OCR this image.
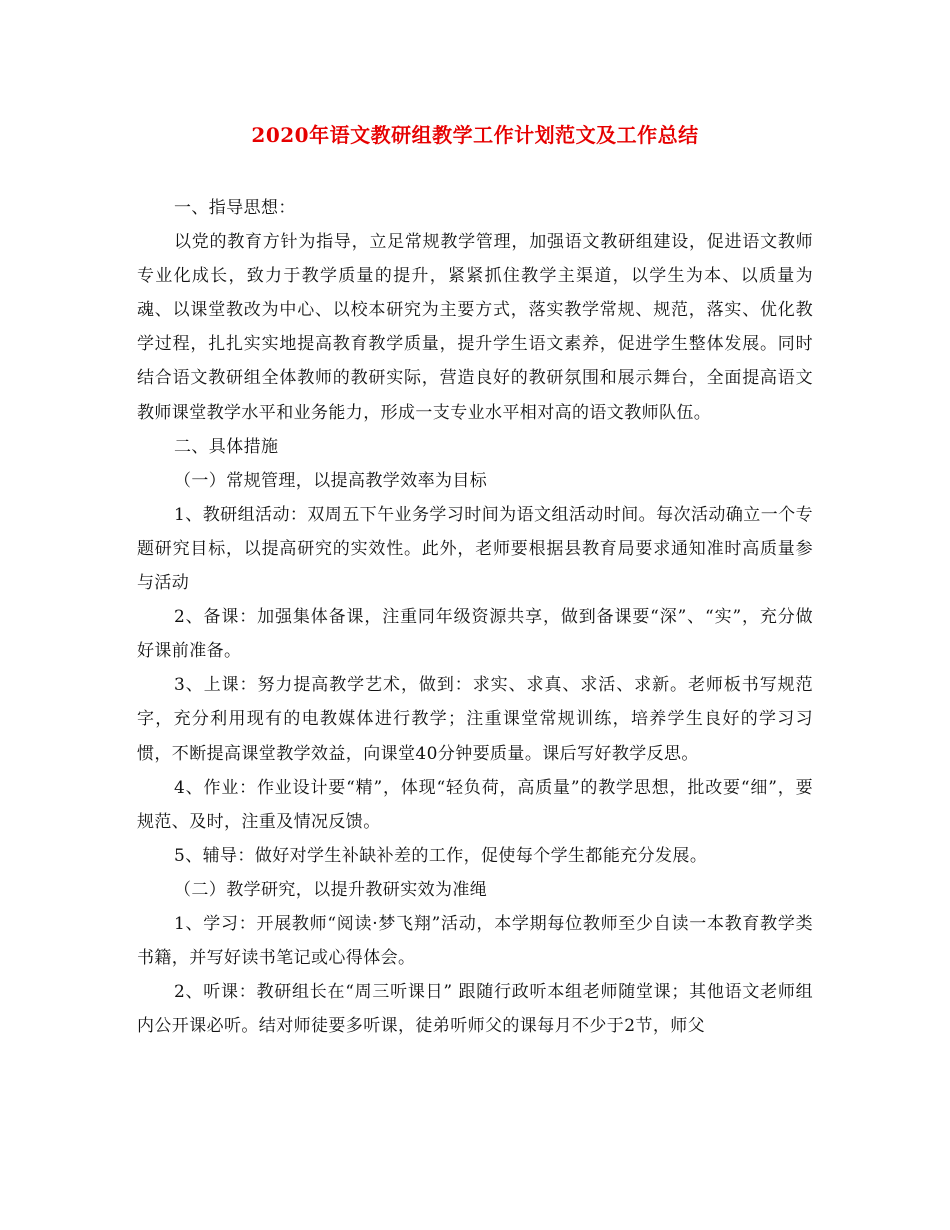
2020年语文教研组教学工作计划范文及工作总结

一、指导思想：

以党的教育方针为指导，立足常规教学管理，加强语文教研组建设，促进语文教师专业化成长，致力于教学质量的提升，紧紧抓住教学主渠道，以学生为本、以质量为魂、以课堂教改为中心、以校本研究为主要方式，落实教学常规、规范，落实、优化教学过程，扎扎实实地提高教育教学质量，提升学生语文素养，促进学生整体发展。同时结合语文教研组全体教师的教研实际，营造良好的教研氛围和展示舞台，全面提高语文教师课堂教学水平和业务能力，形成一支专业水平相对高的语文教师队伍。

二、具体措施

（一）常规管理，以提高教学效率为目标

1、教研组活动：双周五下午业务学习时间为语文组活动时间。每次活动确立一个专题研究目标，以提高研究的实效性。此外，老师要根据县教育局要求通知准时高质量参与活动

2、备课：加强集体备课，注重同年级资源共享，做到备课要“深”、“实”，充分做好课前准备。

3、上课：努力提高教学艺术，做到：求实、求真、求活、求新。老师板书写规范字，充分利用现有的电教媒体进行教学；注重课堂常规训练，培养学生良好的学习习惯，不断提高课堂教学效益，向课堂40分钟要质量。课后写好教学反思。

4、作业：作业设计要“精”，体现“轻负荷，高质量”的教学思想，批改要“细”，要规范、及时，注重及情况反馈。

5、辅导：做好对学生补缺补差的工作，促使每个学生都能充分发展。

（二）教学研究，以提升教研实效为准绳

1、学习：开展教师“阅读·梦飞翔”活动，本学期每位教师至少自读一本教育教学类书籍，并写好读书笔记或心得体会。

2、听课：教研组长在“周三听课日” 跟随行政听本组老师随堂课；其他语文老师组内公开课必听。结对师徒要多听课，徒弟听师父的课每月不少于2节，师父
